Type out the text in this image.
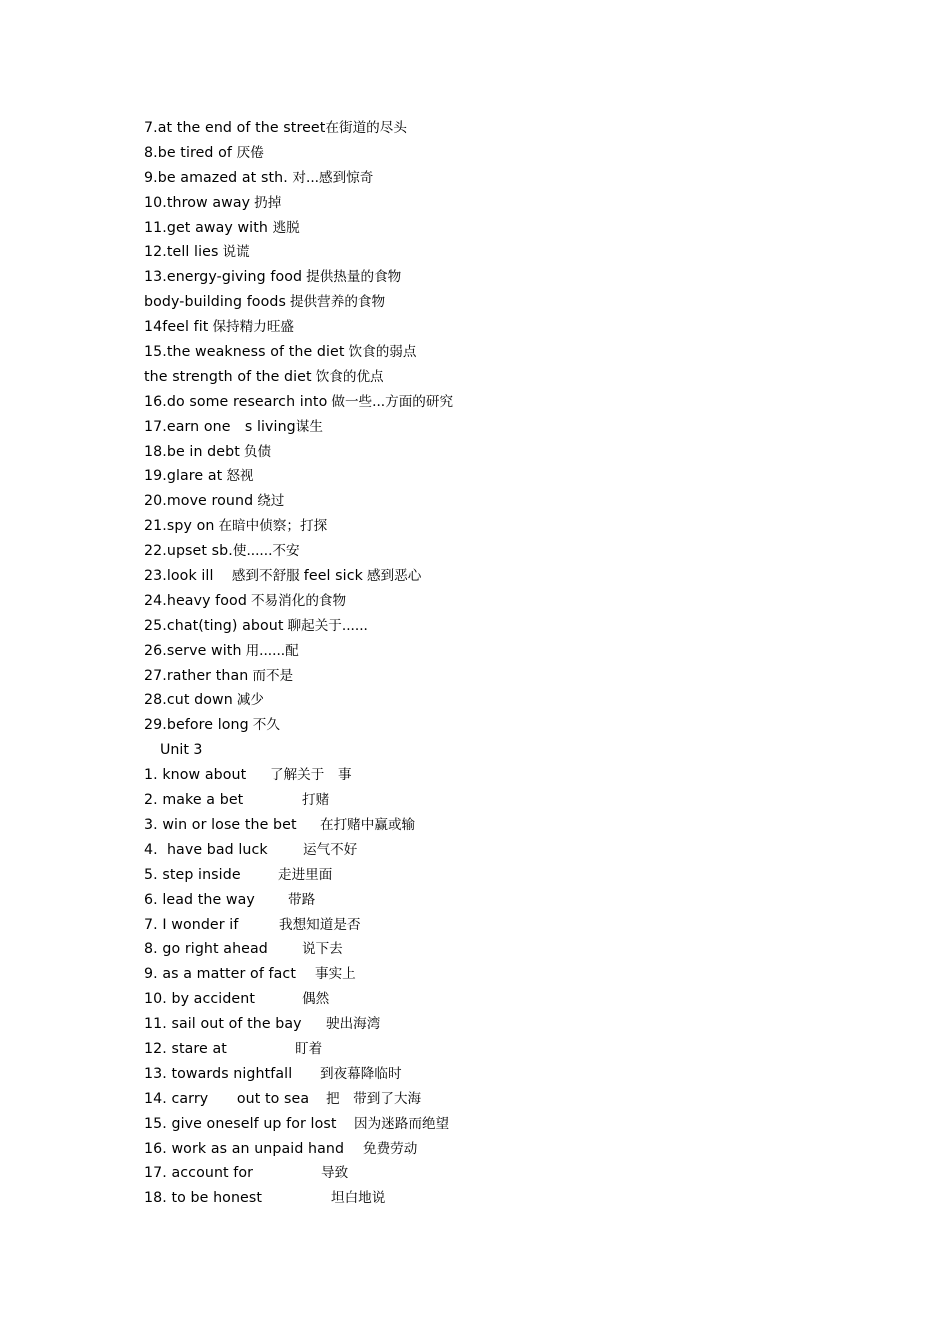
7.at the end of the street在街道的尽头
8.be tired of 厌倦
9.be amazed at sth. 对...感到惊奇
10.throw away 扔掉
11.get away with 逃脱
12.tell lies 说谎
13.energy-giving food 提供热量的食物
body-building foods 提供营养的食物
14feel fit 保持精力旺盛
15.the weakness of the diet 饮食的弱点
the strength of the diet 饮食的优点
16.do some research into 做一些...方面的研究
17.earn one　s living谋生
18.be in debt 负债
19.glare at 怒视
20.move round 绕过
21.spy on 在暗中侦察；打探
22.upset sb.使......不安
23.look ill　感到不舒服 feel sick 感到恶心
24.heavy food 不易消化的食物
25.chat(ting) about 聊起关于......
26.serve with 用......配
27.rather than 而不是
28.cut down 减少
29.before long 不久
Unit 3
1. know about 了解关于　事
2. make a bet	打赌
3. win or lose the bet 在打赌中赢或输
4.  have bad luck	运气不好
5. step inside	走进里面
6. lead the way 带路
7. I wonder if	我想知道是否
8. go right ahead	说下去
9. as a matter of fact 事实上
10. by accident	偶然
11. sail out of the bay 驶出海湾
12. stare at	盯着
13. towards nightfall 到夜幕降临时
14. carry　　out to sea 把　带到了大海
15. give oneself up for lost 因为迷路而绝望
16. work as an unpaid hand 免费劳动
17. account for	导致
18. to be honest	坦白地说
